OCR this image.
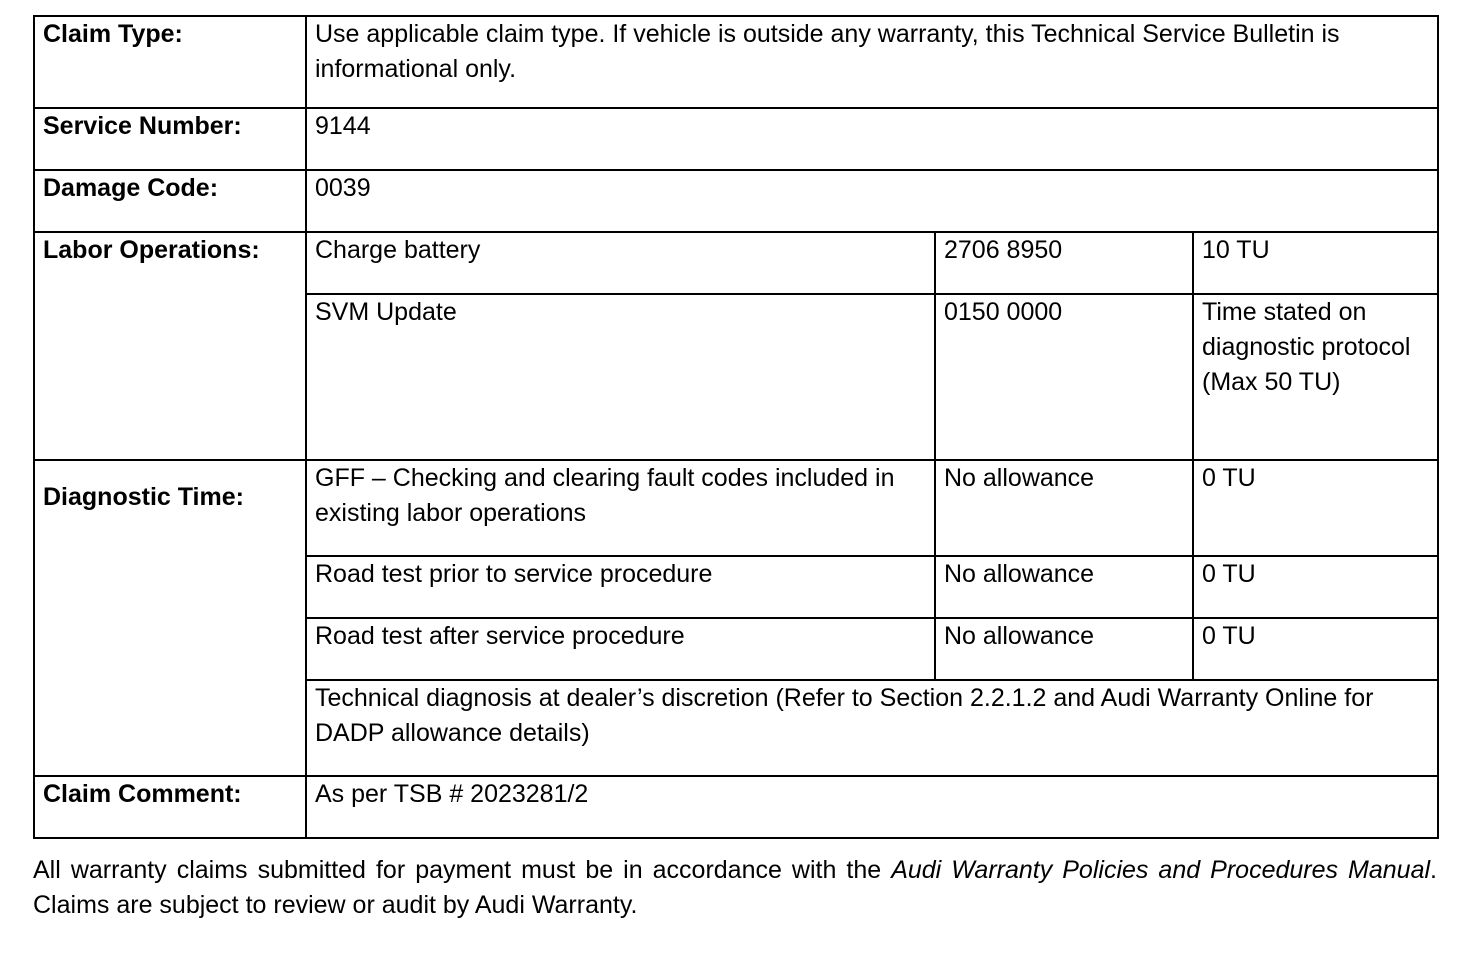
Claim Type:	Use applicable claim type. If vehicle is outside any warranty, this Technical Service Bulletin is informational only.		
Service Number:	9144		
Damage Code:	0039		
Labor Operations:	Charge battery	2706 8950	10 TU
	SVM Update	0150 0000	Time stated on diagnostic protocol (Max 50 TU)
Diagnostic Time:	GFF – Checking and clearing fault codes included in existing labor operations	No allowance	0 TU
	Road test prior to service procedure	No allowance	0 TU
	Road test after service procedure	No allowance	0 TU
	Technical diagnosis at dealer’s discretion (Refer to Section 2.2.1.2 and Audi Warranty Online for DADP allowance details)		
Claim Comment:	As per TSB # 2023281/2		
All warranty claims submitted for payment must be in accordance with the Audi Warranty Policies and Procedures Manual. Claims are subject to review or audit by Audi Warranty.
